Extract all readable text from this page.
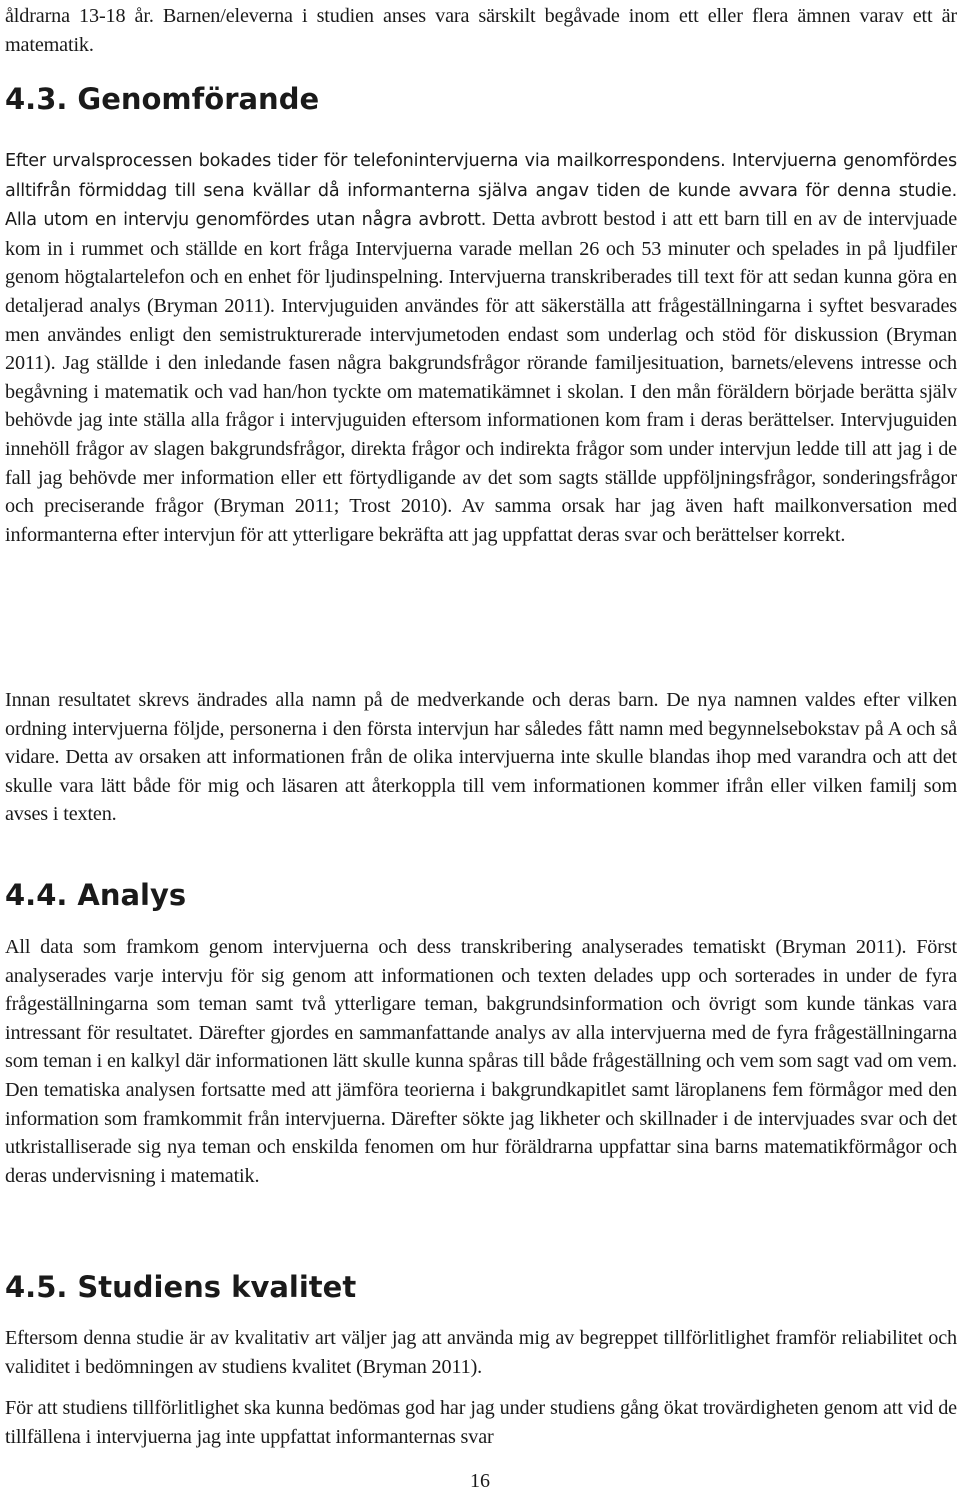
åldrarna 13-18 år. Barnen/eleverna i studien anses vara särskilt begåvade inom ett eller flera ämnen varav ett är matematik.

4.3. Genomförande

Efter urvalsprocessen bokades tider för telefonintervjuerna via mailkorrespondens. Intervjuerna genomfördes alltifrån förmiddag till sena kvällar då informanterna själva angav tiden de kunde avvara för denna studie. Alla utom en intervju genomfördes utan några avbrott. Detta avbrott bestod i att ett barn till en av de intervjuade kom in i rummet och ställde en kort fråga Intervjuerna varade mellan 26 och 53 minuter och spelades in på ljudfiler genom högtalartelefon och en enhet för ljudinspelning. Intervjuerna transkriberades till text för att sedan kunna göra en detaljerad analys (Bryman 2011). Intervjuguiden användes för att säkerställa att frågeställningarna i syftet besvarades men användes enligt den semistrukturerade intervjumetoden endast som underlag och stöd för diskussion (Bryman 2011). Jag ställde i den inledande fasen några bakgrundsfrågor rörande familjesituation, barnets/elevens intresse och begåvning i matematik och vad han/hon tyckte om matematikämnet i skolan. I den mån föräldern började berätta själv behövde jag inte ställa alla frågor i intervjuguiden eftersom informationen kom fram i deras berättelser. Intervjuguiden innehöll frågor av slagen bakgrundsfrågor, direkta frågor och indirekta frågor som under intervjun ledde till att jag i de fall jag behövde mer information eller ett förtydligande av det som sagts ställde uppföljningsfrågor, sonderingsfrågor och preciserande frågor (Bryman 2011; Trost 2010). Av samma orsak har jag även haft mailkonversation med informanterna efter intervjun för att ytterligare bekräfta att jag uppfattat deras svar och berättelser korrekt.

Innan resultatet skrevs ändrades alla namn på de medverkande och deras barn. De nya namnen valdes efter vilken ordning intervjuerna följde, personerna i den första intervjun har således fått namn med begynnelsebokstav på A och så vidare. Detta av orsaken att informationen från de olika intervjuerna inte skulle blandas ihop med varandra och att det skulle vara lätt både för mig och läsaren att återkoppla till vem informationen kommer ifrån eller vilken familj som avses i texten.

4.4. Analys

All data som framkom genom intervjuerna och dess transkribering analyserades tematiskt (Bryman 2011). Först analyserades varje intervju för sig genom att informationen och texten delades upp och sorterades in under de fyra frågeställningarna som teman samt två ytterligare teman, bakgrundsinformation och övrigt som kunde tänkas vara intressant för resultatet. Därefter gjordes en sammanfattande analys av alla intervjuerna med de fyra frågeställningarna som teman i en kalkyl där informationen lätt skulle kunna spåras till både frågeställning och vem som sagt vad om vem. Den tematiska analysen fortsatte med att jämföra teorierna i bakgrundkapitlet samt läroplanens fem förmågor med den information som framkommit från intervjuerna. Därefter sökte jag likheter och skillnader i de intervjuades svar och det utkristalliserade sig nya teman och enskilda fenomen om hur föräldrarna uppfattar sina barns matematikförmågor och deras undervisning i matematik.

4.5. Studiens kvalitet

Eftersom denna studie är av kvalitativ art väljer jag att använda mig av begreppet tillförlitlighet framför reliabilitet och validitet i bedömningen av studiens kvalitet (Bryman 2011).

För att studiens tillförlitlighet ska kunna bedömas god har jag under studiens gång ökat trovärdigheten genom att vid de tillfällena i intervjuerna jag inte uppfattat informanternas svar

16
